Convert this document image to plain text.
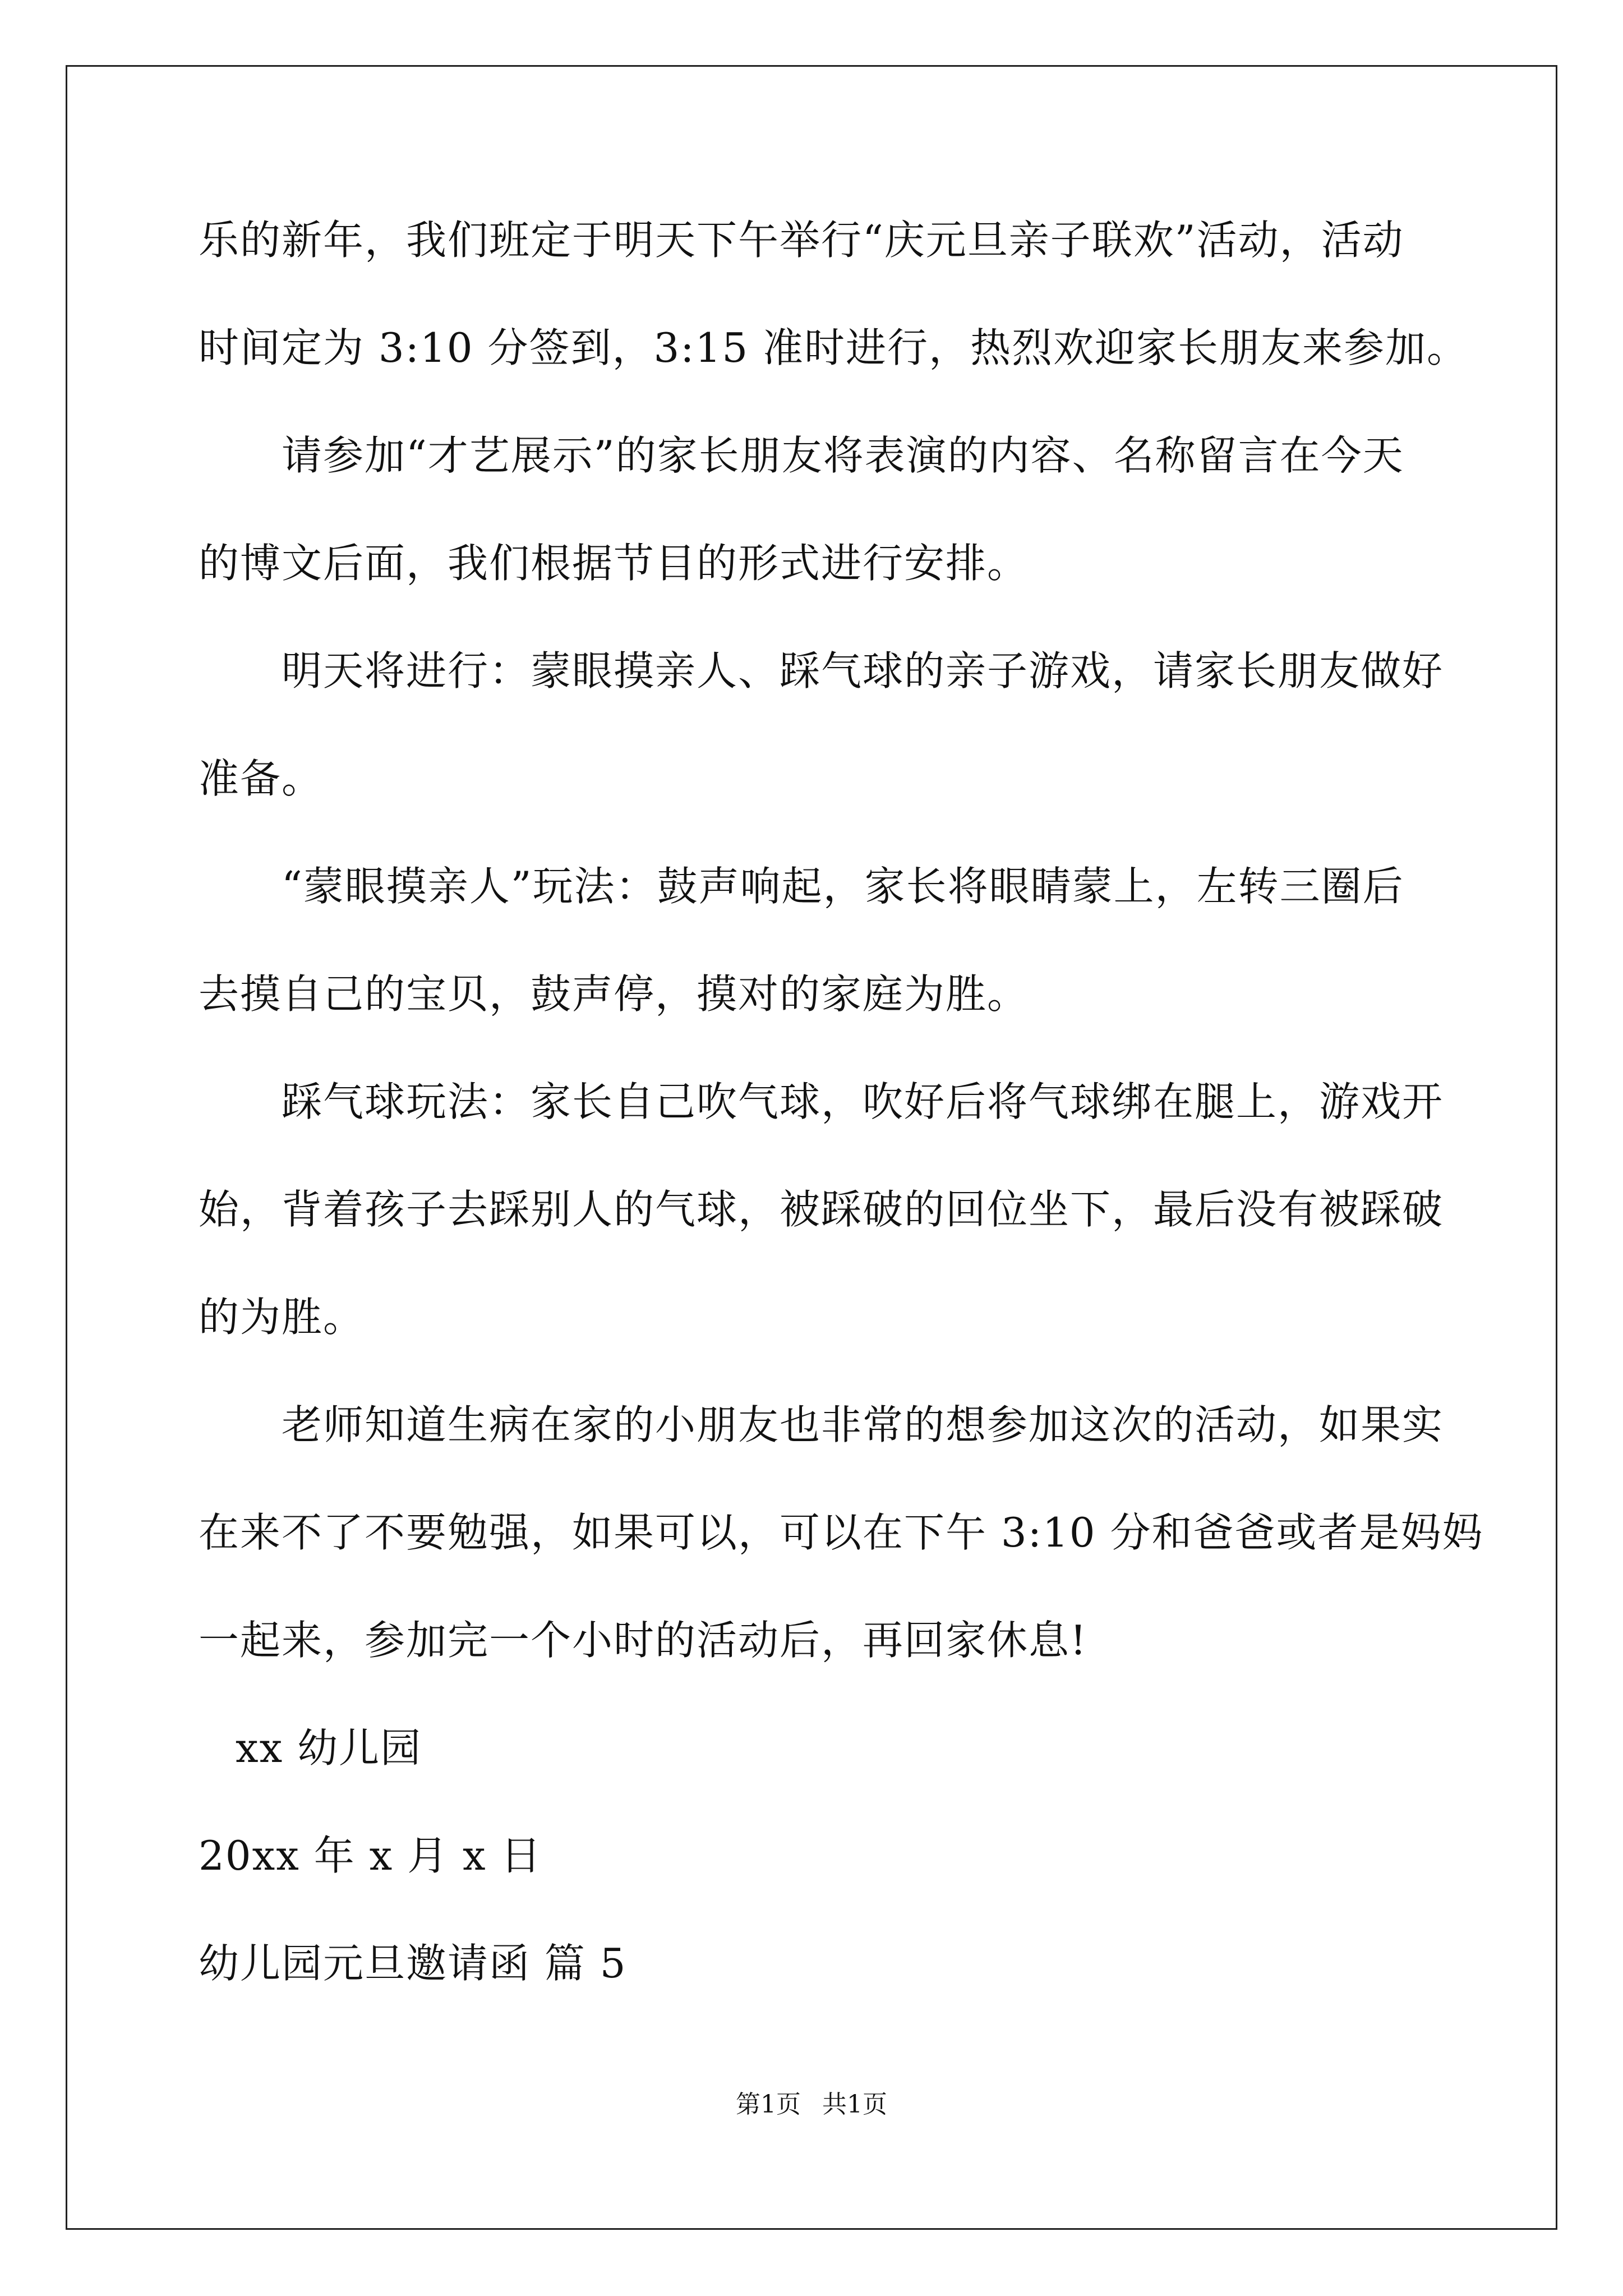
乐的新年，我们班定于明天下午举行“庆元旦亲子联欢”活动，活动
时间定为 3:10 分签到，3:15 准时进行，热烈欢迎家长朋友来参加。
请参加“才艺展示”的家长朋友将表演的内容、名称留言在今天
的博文后面，我们根据节目的形式进行安排。
明天将进行：蒙眼摸亲人、踩气球的亲子游戏，请家长朋友做好
准备。
“蒙眼摸亲人”玩法：鼓声响起，家长将眼睛蒙上，左转三圈后
去摸自己的宝贝，鼓声停，摸对的家庭为胜。
踩气球玩法：家长自己吹气球，吹好后将气球绑在腿上，游戏开
始，背着孩子去踩别人的气球，被踩破的回位坐下，最后没有被踩破
的为胜。
老师知道生病在家的小朋友也非常的想参加这次的活动，如果实
在来不了不要勉强，如果可以，可以在下午 3:10 分和爸爸或者是妈妈
一起来，参加完一个小时的活动后，再回家休息!
xx 幼儿园
20xx 年 x 月 x 日
幼儿园元旦邀请函 篇 5
第1页 共1页
